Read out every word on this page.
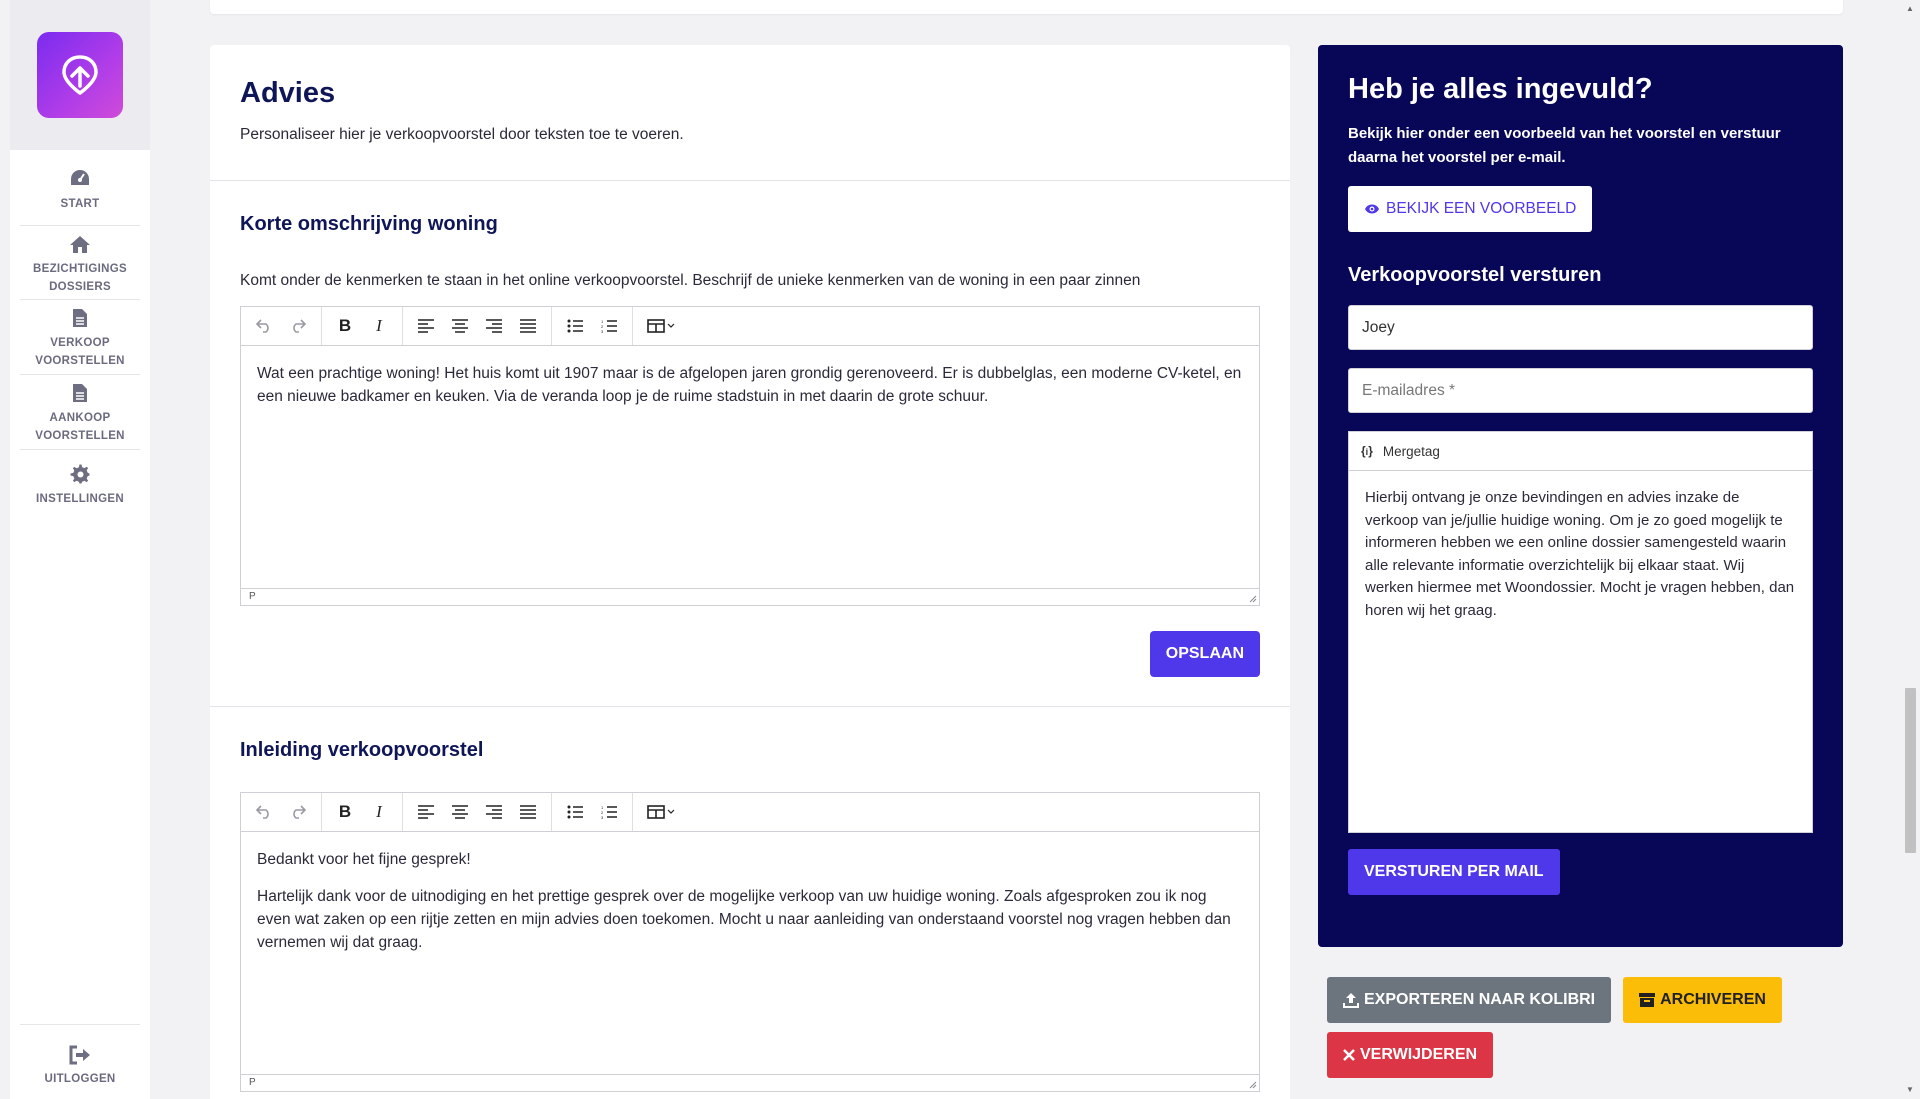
START
BEZICHTIGINGS DOSSIERS
VERKOOP VOORSTELLEN
AANKOOP VOORSTELLEN
INSTELLINGEN
UITLOGGEN
Advies

Personaliseer hier je verkoopvoorstel door teksten toe te voeren.

Korte omschrijving woning

Komt onder de kenmerken te staan in het online verkoopvoorstel. Beschrijf de unieke kenmerken van de woning in een paar zinnen

B	I	1
2
3

Wat een prachtige woning! Het huis komt uit 1907 maar is de afgelopen jaren grondig gerenoveerd. Er is dubbelglas, een moderne CV-ketel, en een nieuwe badkamer en keuken. Via de veranda loop je de ruime stadstuin in met daarin de grote schuur.

P
OPSLAAN
Inleiding verkoopvoorstel
B	I	1
2
3

Bedankt voor het fijne gesprek!

Hartelijk dank voor de uitnodiging en het prettige gesprek over de mogelijke verkoop van uw huidige woning. Zoals afgesproken zou ik nog even wat zaken op een rijtje zetten en mijn advies doen toekomen. Mocht u naar aanleiding van onderstaand voorstel nog vragen hebben dan vernemen wij dat graag.

P
Heb je alles ingevuld?

Bekijk hier onder een voorbeeld van het voorstel en verstuur daarna het voorstel per e-mail.

BEKIJK EEN VOORBEELD
Verkoopvoorstel versturen
Joey E-mailadres *
{i} Mergetag

Hierbij ontvang je onze bevindingen en advies inzake de verkoop van je/jullie huidige woning. Om je zo goed mogelijk te informeren hebben we een online dossier samengesteld waarin alle relevante informatie overzichtelijk bij elkaar staat. Wij werken hiermee met Woondossier. Mocht je vragen hebben, dan horen wij het graag.

VERSTUREN PER MAIL
EXPORTEREN NAAR KOLIBRI	ARCHIVEREN
VERWIJDEREN
▲
▼
